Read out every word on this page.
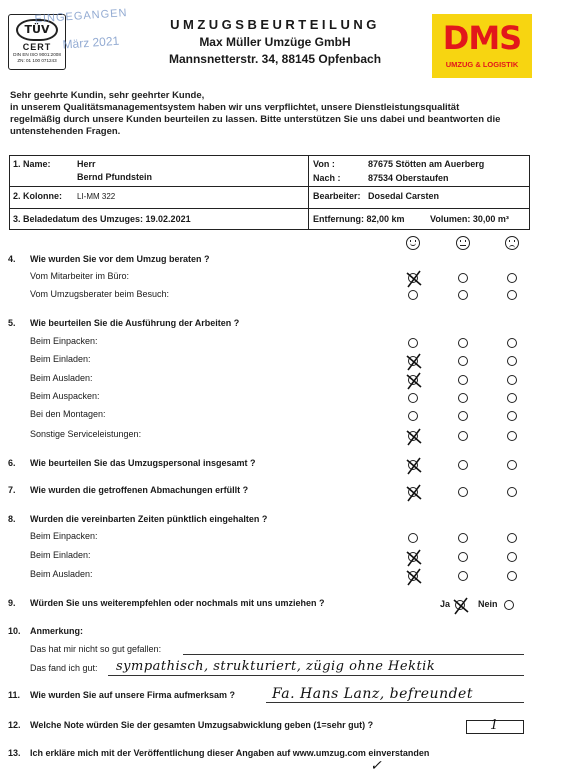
TÜV
CERT
DIN EN ISO 9001:2008
ZN: 01 100 071243
EINGEGANGEN
März 2021
UMZUGSBEURTEILUNG
Max Müller Umzüge GmbH
Mannsnetterstr. 34, 88145 Opfenbach
DMS
UMZUG & LOGISTIK
Sehr geehrte Kundin, sehr geehrter Kunde,
in unserem Qualitätsmanagementsystem haben wir uns verpflichtet, unsere Dienstleistungsqualität
regelmäßig durch unsere Kunden beurteilen zu lassen. Bitte unterstützen Sie uns dabei und beantworten die
untenstehenden Fragen.
1. Name:	Herr
Bernd Pfundstein
Von :	87675 Stötten am Auerberg
Nach :	87534 Oberstaufen
2. Kolonne: LI-MM 322	Bearbeiter: Dosedal Carsten
3. Beladedatum des Umzuges: 19.02.2021	Entfernung: 82,00 km	Volumen: 30,00 m³
4. Wie wurden Sie vor dem Umzug beraten ?
Vom Mitarbeiter im Büro:
Vom Umzugsberater beim Besuch:
5. Wie beurteilen Sie die Ausführung der Arbeiten ?
Beim Einpacken:
Beim Einladen:
Beim Ausladen:
Beim Auspacken:
Bei den Montagen:
Sonstige Serviceleistungen:
6. Wie beurteilen Sie das Umzugspersonal insgesamt ?
7. Wie wurden die getroffenen Abmachungen erfüllt ?
8. Wurden die vereinbarten Zeiten pünktlich eingehalten ?
Beim Einpacken:
Beim Einladen:
Beim Ausladen:
9. Würden Sie uns weiterempfehlen oder nochmals mit uns umziehen ?	Ja	Nein
10. Anmerkung:
Das hat mir nicht so gut gefallen:
Das fand ich gut: sympathisch, strukturiert, zügig ohne Hektik
11. Wie wurden Sie auf unsere Firma aufmerksam ?	Fa. Hans Lanz, befreundet
12. Welche Note würden Sie der gesamten Umzugsabwicklung geben (1=sehr gut) ?	1
13. Ich erkläre mich mit der Veröffentlichung dieser Angaben auf www.umzug.com einverstanden
✓
